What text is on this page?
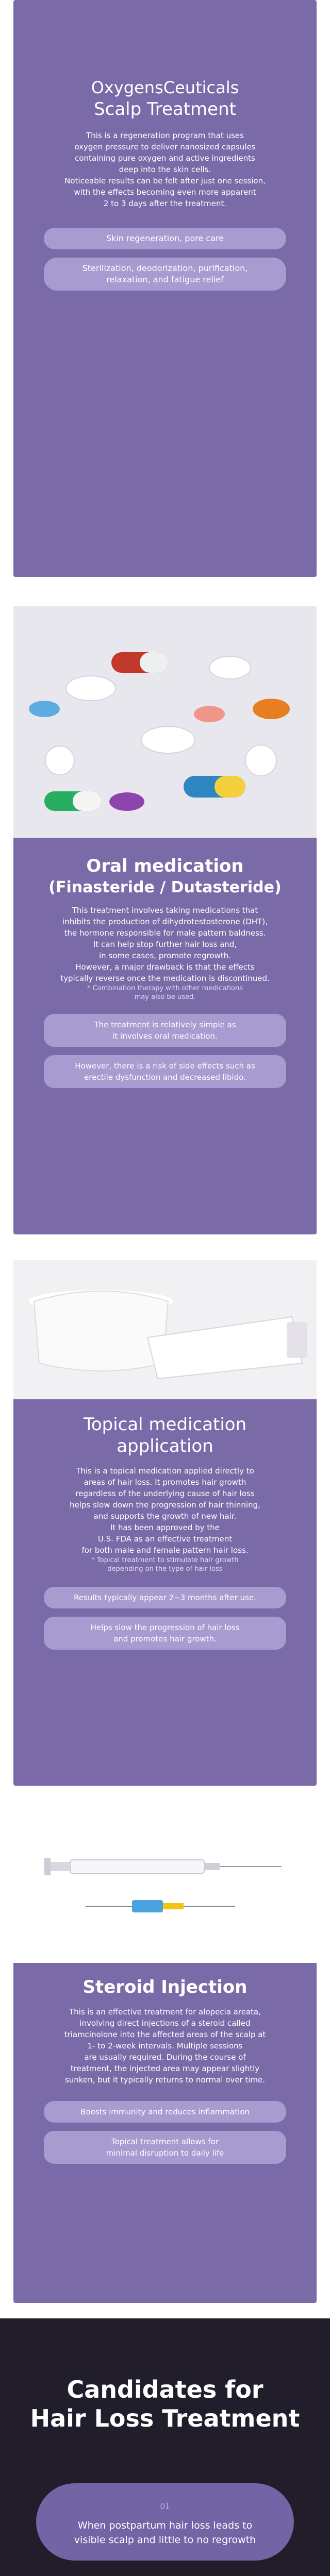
OxygensCeuticals
Scalp Treatment

This is a regeneration program that uses

oxygen pressure to deliver nanosized capsules

containing pure oxygen and active ingredients

deep into the skin cells.

Noticeable results can be felt after just one session,

with the effects becoming even more apparent

2 to 3 days after the treatment.

Skin regeneration, pore care
Sterilization, deodorization, purification,
relaxation, and fatigue relief
Oral medication
(Finasteride / Dutasteride)

This treatment involves taking medications that

inhibits the production of dihydrotestosterone (DHT),

the hormone responsible for male pattern baldness.

It can help stop further hair loss and,

in some cases, promote regrowth.

However, a major drawback is that the effects

typically reverse once the medication is discontinued.

* Combination therapy with other medications

may also be used.

The treatment is relatively simple as
it involves oral medication.
However, there is a risk of side effects such as
erectile dysfunction and decreased libido.
Topical medication
application

This is a topical medication applied directly to

areas of hair loss. It promotes hair growth

regardless of the underlying cause of hair loss

helps slow down the progression of hair thinning,

and supports the growth of new hair.

It has been approved by the

U.S. FDA as an effective treatment

for both male and female pattern hair loss.

* Topical treatment to stimulate hair growth

depending on the type of hair loss

Results typically appear 2~3 months after use.
Helps slow the progression of hair loss
and promotes hair growth.
Steroid Injection

This is an effective treatment for alopecia areata,

involving direct injections of a steroid called

triamcinolone into the affected areas of the scalp at

1- to 2-week intervals. Multiple sessions

are usually required. During the course of

treatment, the injected area may appear slightly

sunken, but it typically returns to normal over time.

Boosts immunity and reduces inflammation
Topical treatment allows for
minimal disruption to daily life
Candidates for
Hair Loss Treatment
01
When postpartum hair loss leads to
visible scalp and little to no regrowth
